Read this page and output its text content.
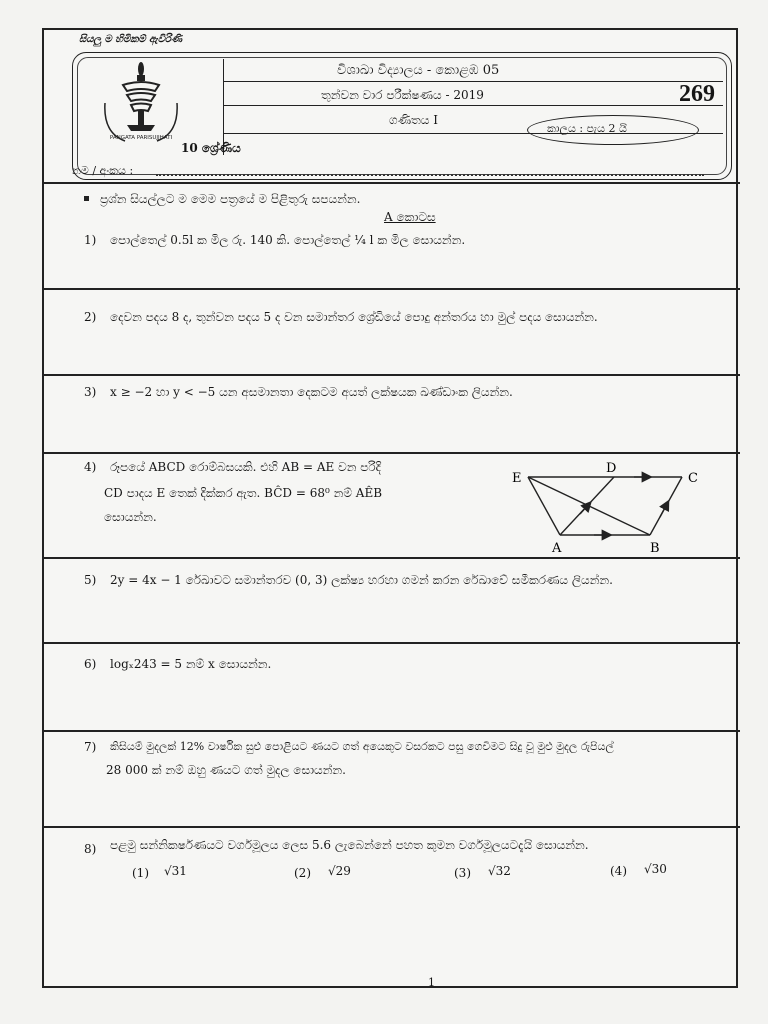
සියලු ම හිමිකම් ඇවිරිණි
PANGATA PARISUJJHATI
විශාඛා විද්‍යාලය - කොළඹ 05
තුන්වන වාර පරීක්ෂණය - 2019	269
ගණිතය I
10 ශ්‍රේණිය
කාලය : පැය 2 යි
නම / අංකය :
ප්‍රශ්න සියල්ලට ම මෙම පත්‍රයේ ම පිළිතුරු සපයන්න.
A කොටස
1) පොල්තෙල් 0.5l ක මිල රු. 140 කි. පොල්තෙල් ¼ l ක මිල සොයන්න.
2) දෙවන පදය 8 ද, තුන්වන පදය 5 ද වන සමාන්තර ශ්‍රේඩියේ පොදු අන්තරය හා මුල් පදය සොයන්න.
3) x ≥ −2 හා y < −5 යන අසමානතා දෙකටම අයත් ලක්ෂයක ඛණ්ඩාංක ලියන්න.
4) රූපයේ ABCD රොම්බසයකි. එහි AB = AE වන පරිදි
CD පාදය E තෙක් දික්කර ඇත. BĈD = 68⁰ නම් AÊB
සොයන්න.
E
D
C
A	B
5) 2y = 4x − 1 රේඛාවට සමාන්තරව (0, 3) ලක්ෂ්‍ය හරහා ගමන් කරන රේඛාවේ සමීකරණය ලියන්න.
6) logₓ243 = 5 නම් x සොයන්න.
7) කිසියම් මුදලක් 12% වාර්ෂික සුළු පොළියට ණයට ගත් අයෙකුට වසරකට පසු ගෙවීමට සිදු වූ මුළු මුදල රුපියල්
28 000 ක් නම් ඔහු ණයට ගත් මුදල සොයන්න.
8) පළමු සන්නිකර්ෂණයට වර්ගමූලය ලෙස 5.6 ලැබෙන්නේ පහත කුමන වර්ගමූලයටදැයි සොයන්න.
(1) √31	(2) √29	(3) √32	(4) √30
1
